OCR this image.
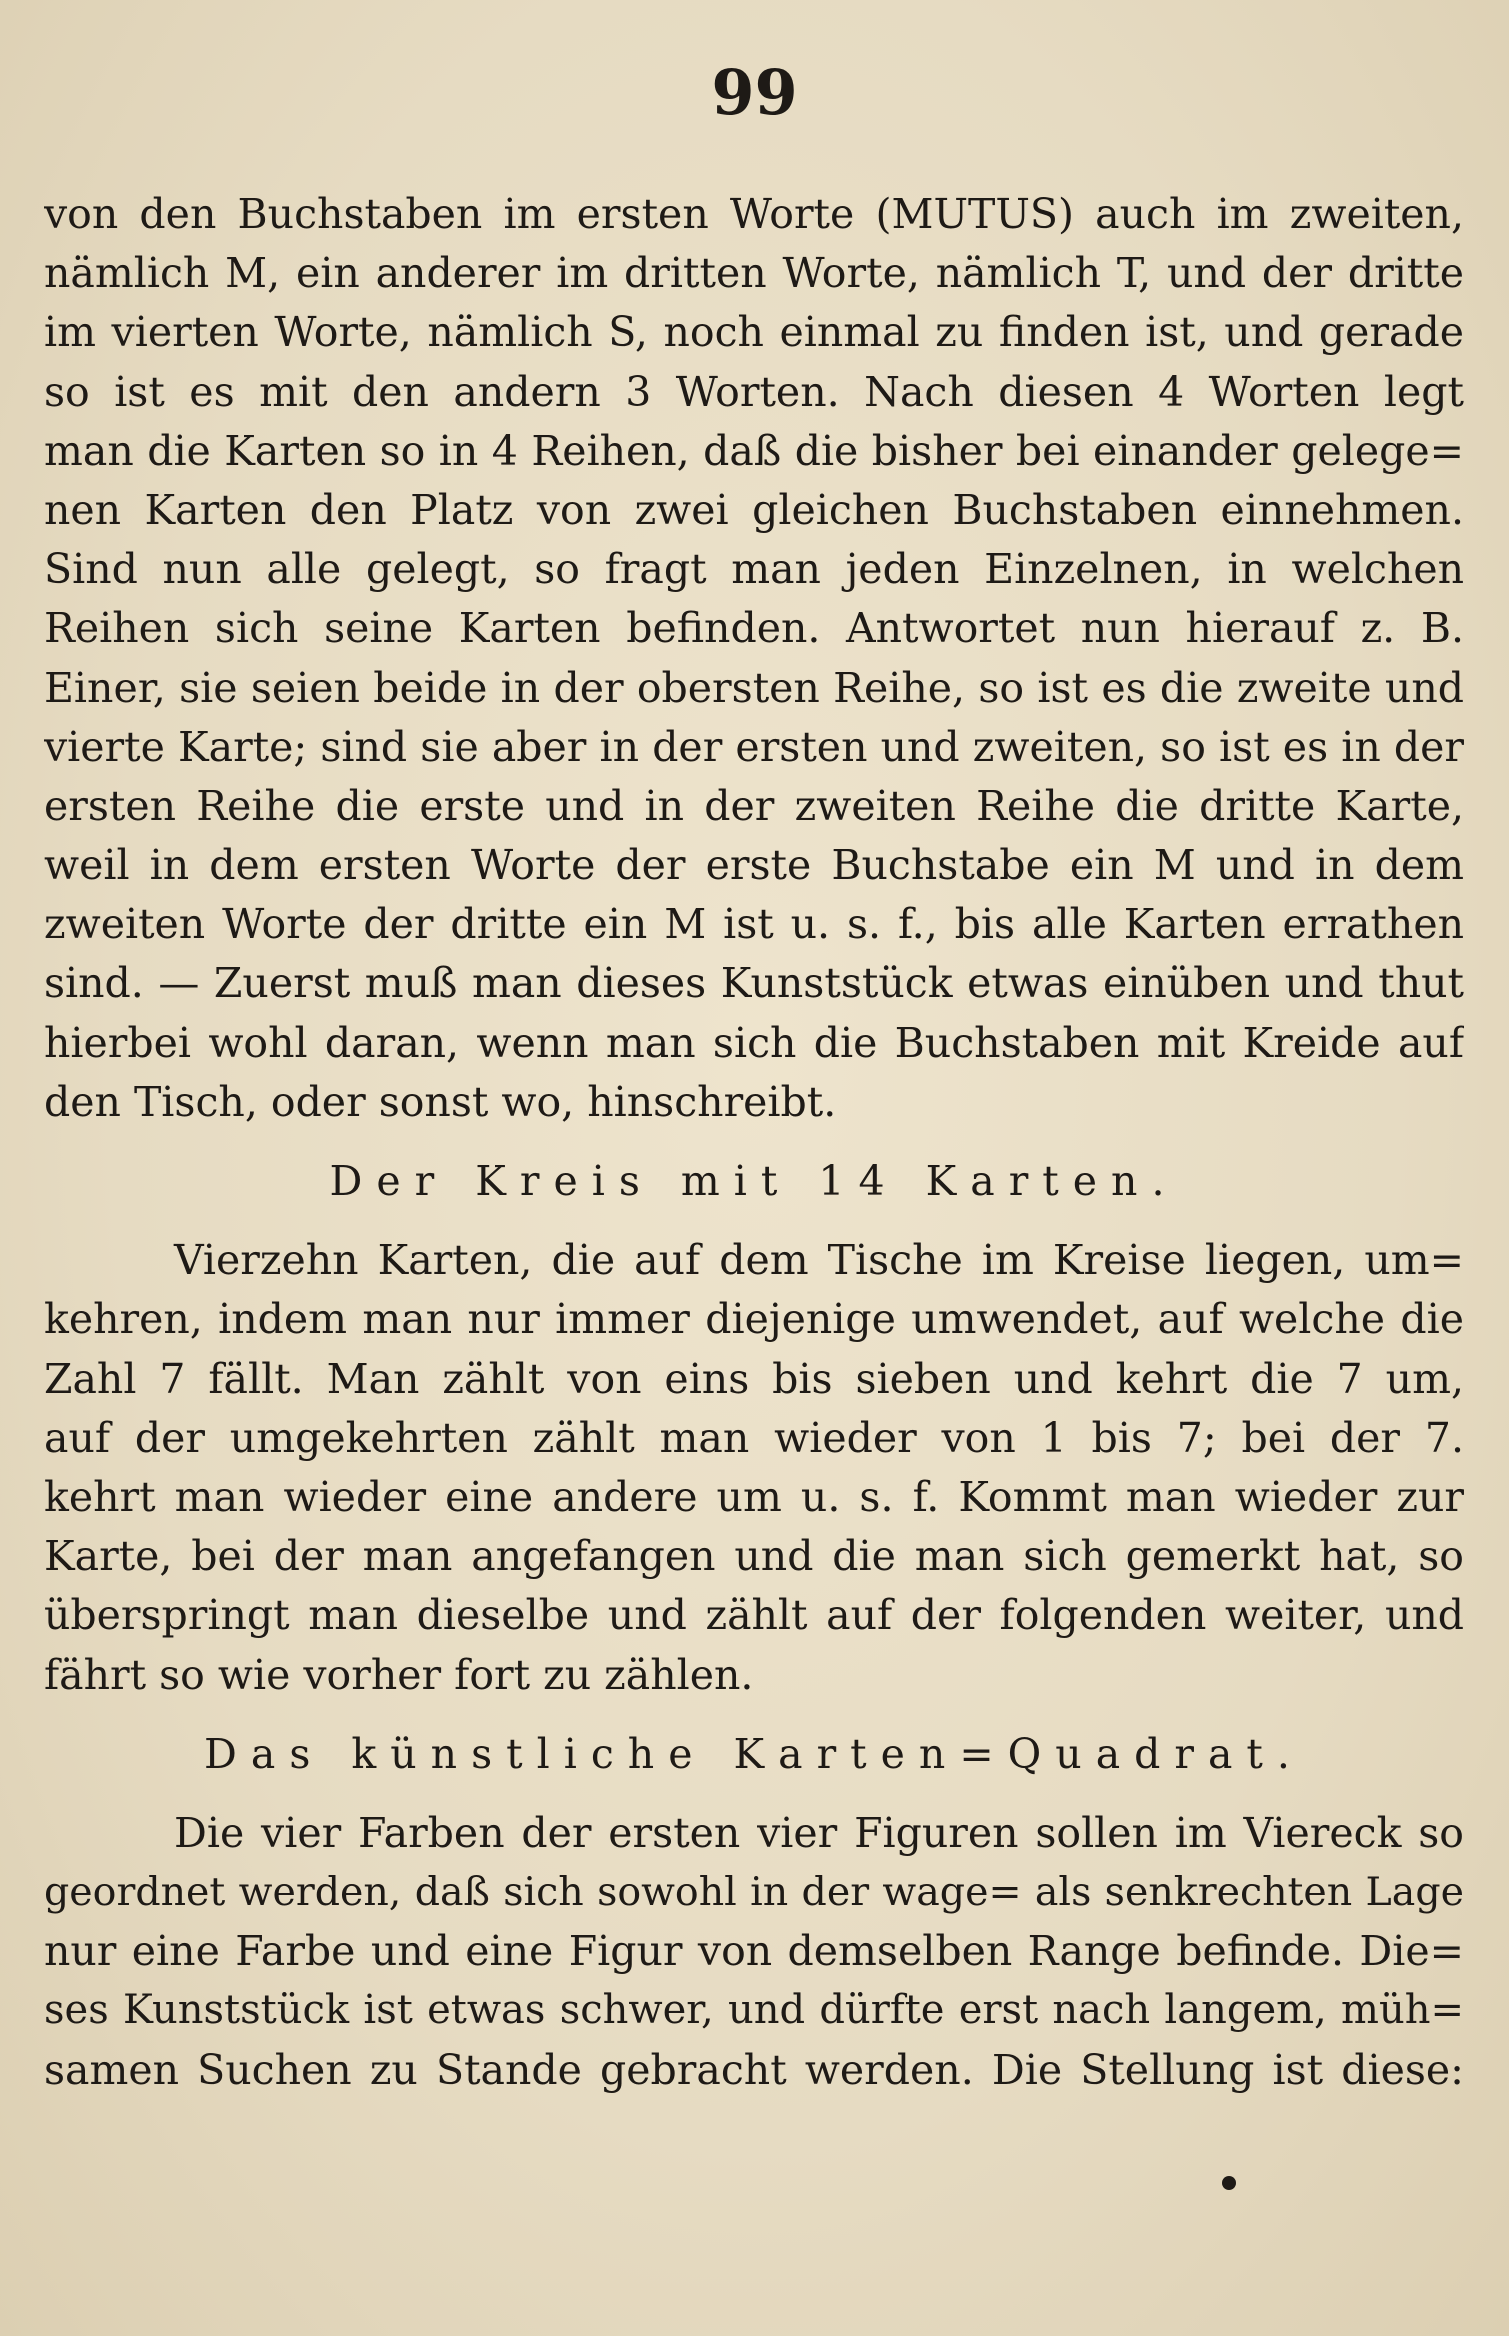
99
von den Buchstaben im ersten Worte (MUTUS) auch im zweiten,
nämlich M, ein anderer im dritten Worte, nämlich T, und der dritte
im vierten Worte, nämlich S, noch einmal zu finden ist, und gerade
so ist es mit den andern 3 Worten. Nach diesen 4 Worten legt
man die Karten so in 4 Reihen, daß die bisher bei einander gelege=
nen Karten den Platz von zwei gleichen Buchstaben einnehmen.
Sind nun alle gelegt, so fragt man jeden Einzelnen, in welchen
Reihen sich seine Karten befinden. Antwortet nun hierauf z. B.
Einer, sie seien beide in der obersten Reihe, so ist es die zweite und
vierte Karte; sind sie aber in der ersten und zweiten, so ist es in der
ersten Reihe die erste und in der zweiten Reihe die dritte Karte,
weil in dem ersten Worte der erste Buchstabe ein M und in dem
zweiten Worte der dritte ein M ist u. s. f., bis alle Karten errathen
sind. — Zuerst muß man dieses Kunststück etwas einüben und thut
hierbei wohl daran, wenn man sich die Buchstaben mit Kreide auf
den Tisch, oder sonst wo, hinschreibt.
Der Kreis mit 14 Karten.
Vierzehn Karten, die auf dem Tische im Kreise liegen, um=
kehren, indem man nur immer diejenige umwendet, auf welche die
Zahl 7 fällt. Man zählt von eins bis sieben und kehrt die 7 um,
auf der umgekehrten zählt man wieder von 1 bis 7; bei der 7.
kehrt man wieder eine andere um u. s. f. Kommt man wieder zur
Karte, bei der man angefangen und die man sich gemerkt hat, so
überspringt man dieselbe und zählt auf der folgenden weiter, und
fährt so wie vorher fort zu zählen.
Das künstliche Karten=Quadrat.
Die vier Farben der ersten vier Figuren sollen im Viereck so
geordnet werden, daß sich sowohl in der wage= als senkrechten Lage
nur eine Farbe und eine Figur von demselben Range befinde. Die=
ses Kunststück ist etwas schwer, und dürfte erst nach langem, müh=
samen Suchen zu Stande gebracht werden. Die Stellung ist diese:
